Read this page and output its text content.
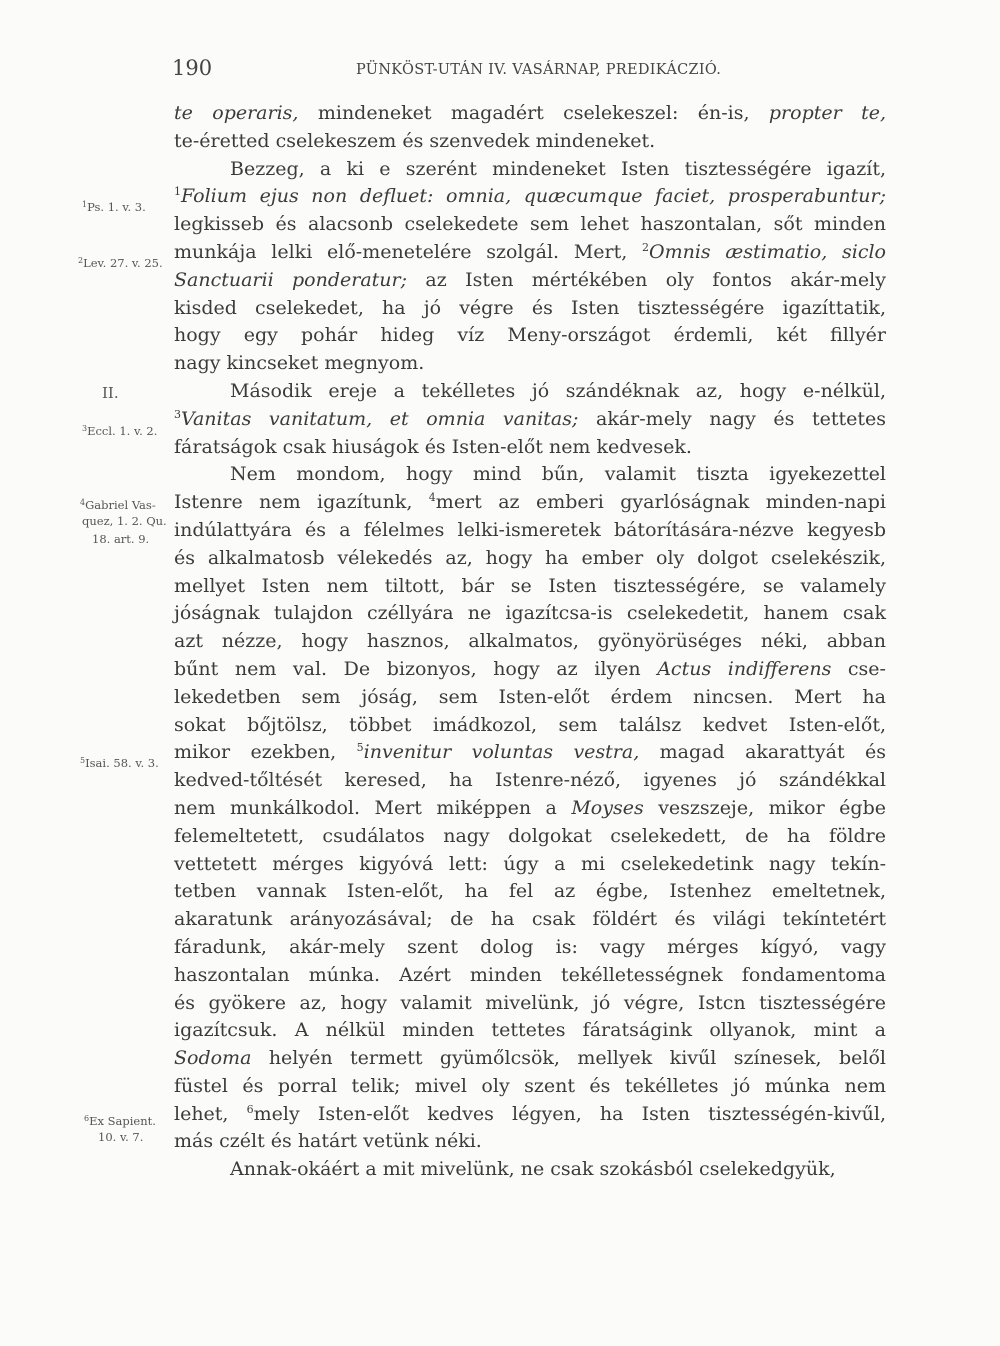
190	PÜNKÖST-UTÁN IV. VASÁRNAP, PREDIKÁCZIÓ.
$^1$Ps. 1. v. 3.
$^2$Lev. 27. v. 25.
II.
$^3$Eccl. 1. v. 2.
$^4$Gabriel Vas-
quez, 1. 2. Qu.
18. art. 9.
$^5$Isai. 58. v. 3.
$^6$Ex Sapient.
10. v. 7.
te operaris, mindeneket magadért cselekeszel: én-is, propter te,
te-éretted cselekeszem és szenvedek mindeneket.
Bezzeg, a ki e szerént mindeneket Isten tisztességére igazít,
$^1$Folium ejus non defluet: omnia, quæcumque faciet, prosperabuntur;
legkisseb és alacsonb cselekedete sem lehet haszontalan, sőt minden
munkája lelki elő-menetelére szolgál. Mert, $^2$Omnis æstimatio, siclo
Sanctuarii ponderatur; az Isten mértékében oly fontos akár-mely
kisded cselekedet, ha jó végre és Isten tisztességére igazíttatik,
hogy egy pohár hideg víz Meny-országot érdemli, két fillyér
nagy kincseket megnyom.
Második ereje a tekélletes jó szándéknak az, hogy e-nélkül,
$^3$Vanitas vanitatum, et omnia vanitas; akár-mely nagy és tettetes
fáratságok csak hiuságok és Isten-előt nem kedvesek.
Nem mondom, hogy mind bűn, valamit tiszta igyekezettel
Istenre nem igazítunk, $^4$mert az emberi gyarlóságnak minden-napi
indúlattyára és a félelmes lelki-ismeretek bátorítására-nézve kegyesb
és alkalmatosb vélekedés az, hogy ha ember oly dolgot cselekészik,
mellyet Isten nem tiltott, bár se Isten tisztességére, se valamely
jóságnak tulajdon czéllyára ne igazítcsa-is cselekedetit, hanem csak
azt nézze, hogy hasznos, alkalmatos, gyönyörüséges néki, abban
bűnt nem val. De bizonyos, hogy az ilyen Actus indifferens cse-
lekedetben sem jóság, sem Isten-előt érdem nincsen. Mert ha
sokat bőjtölsz, többet imádkozol, sem találsz kedvet Isten-előt,
mikor ezekben, $^5$invenitur voluntas vestra, magad akarattyát és
kedved-tőltését keresed, ha Istenre-néző, igyenes jó szándékkal
nem munkálkodol. Mert miképpen a Moyses veszszeje, mikor égbe
felemeltetett, csudálatos nagy dolgokat cselekedett, de ha földre
vettetett mérges kigyóvá lett: úgy a mi cselekedetink nagy tekín-
tetben vannak Isten-előt, ha fel az égbe, Istenhez emeltetnek,
akaratunk arányozásával; de ha csak földért és világi tekíntetért
fáradunk, akár-mely szent dolog is: vagy mérges kígyó, vagy
haszontalan múnka. Azért minden tekélletességnek fondamentoma
és gyökere az, hogy valamit mivelünk, jó végre, Istcn tisztességére
igazítcsuk. A nélkül minden tettetes fáratságink ollyanok, mint a
Sodoma helyén termett gyümőlcsök, mellyek kivűl színesek, belől
füstel és porral telik; mivel oly szent és tekélletes jó múnka nem
lehet, $^6$mely Isten-előt kedves légyen, ha Isten tisztességén-kivűl,
más czélt és határt vetünk néki.
Annak-okáért a mit mivelünk, ne csak szokásból cselekedgyük,
